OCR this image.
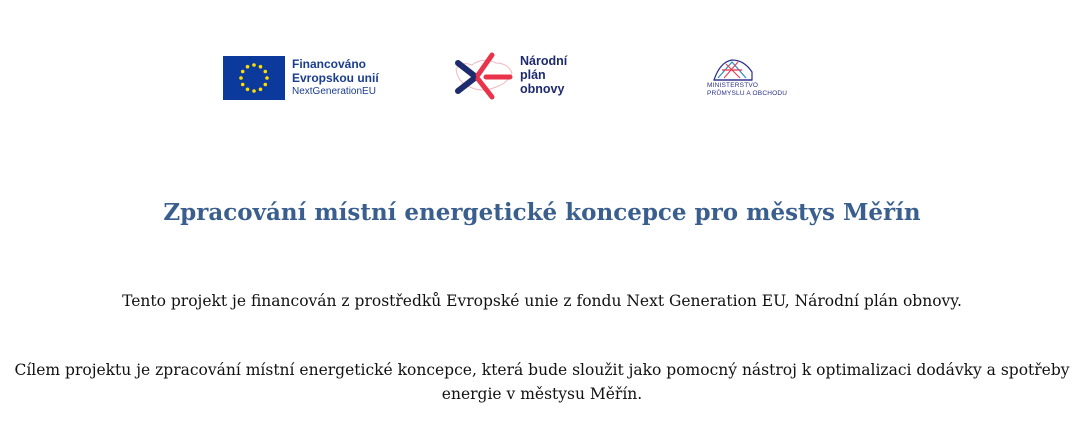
Financováno
Evropskou unií
NextGenerationEU
Národní
plán
obnovy	MINISTERSTVO
PRŮMYSLU A OBCHODU
Zpracování místní energetické koncepce pro městys Měřín
Tento projekt je financován z prostředků Evropské unie z fondu Next Generation EU, Národní plán obnovy.
Cílem projektu je zpracování místní energetické koncepce, která bude sloužit jako pomocný nástroj k optimalizaci dodávky a spotřeby
energie v městysu Měřín.
